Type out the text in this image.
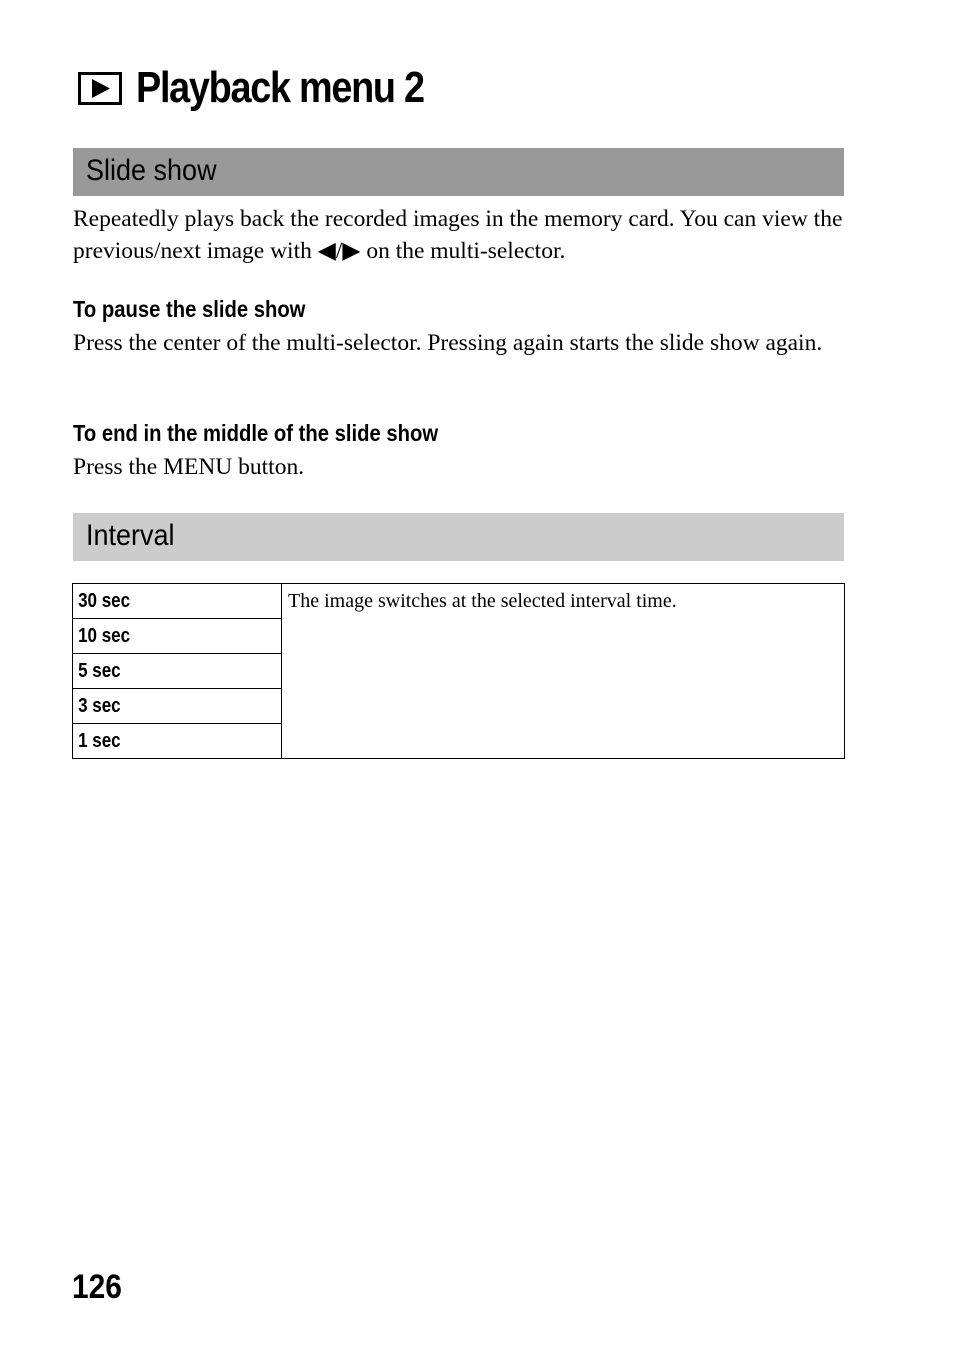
Playback menu 2
Slide show

Repeatedly plays back the recorded images in the memory card. You can view the previous/next image with ◀/▶ on the multi-selector.

To pause the slide show

Press the center of the multi-selector. Pressing again starts the slide show again.

To end in the middle of the slide show

Press the MENU button.

Interval
30 sec	The image switches at the selected interval time.
10 sec
5 sec
3 sec
1 sec

126
